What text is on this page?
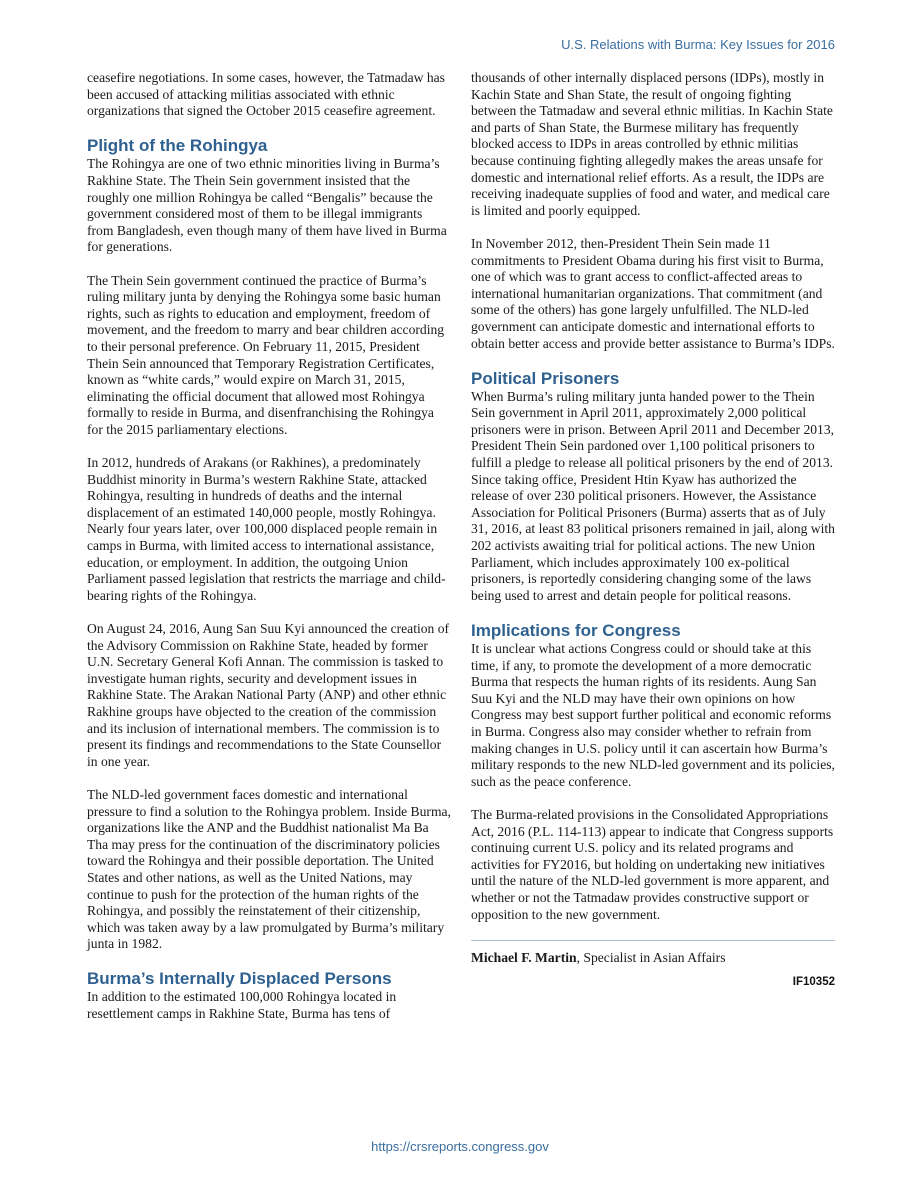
U.S. Relations with Burma: Key Issues for 2016

ceasefire negotiations. In some cases, however, the Tatmadaw has been accused of attacking militias associated with ethnic organizations that signed the October 2015 ceasefire agreement.

Plight of the Rohingya

The Rohingya are one of two ethnic minorities living in Burma’s Rakhine State. The Thein Sein government insisted that the roughly one million Rohingya be called “Bengalis” because the government considered most of them to be illegal immigrants from Bangladesh, even though many of them have lived in Burma for generations.

The Thein Sein government continued the practice of Burma’s ruling military junta by denying the Rohingya some basic human rights, such as rights to education and employment, freedom of movement, and the freedom to marry and bear children according to their personal preference. On February 11, 2015, President Thein Sein announced that Temporary Registration Certificates, known as “white cards,” would expire on March 31, 2015, eliminating the official document that allowed most Rohingya formally to reside in Burma, and disenfranchising the Rohingya for the 2015 parliamentary elections.

In 2012, hundreds of Arakans (or Rakhines), a predominately Buddhist minority in Burma’s western Rakhine State, attacked Rohingya, resulting in hundreds of deaths and the internal displacement of an estimated 140,000 people, mostly Rohingya. Nearly four years later, over 100,000 displaced people remain in camps in Burma, with limited access to international assistance, education, or employment. In addition, the outgoing Union Parliament passed legislation that restricts the marriage and child-bearing rights of the Rohingya.

On August 24, 2016, Aung San Suu Kyi announced the creation of the Advisory Commission on Rakhine State, headed by former U.N. Secretary General Kofi Annan. The commission is tasked to investigate human rights, security and development issues in Rakhine State. The Arakan National Party (ANP) and other ethnic Rakhine groups have objected to the creation of the commission and its inclusion of international members. The commission is to present its findings and recommendations to the State Counsellor in one year.

The NLD-led government faces domestic and international pressure to find a solution to the Rohingya problem. Inside Burma, organizations like the ANP and the Buddhist nationalist Ma Ba Tha may press for the continuation of the discriminatory policies toward the Rohingya and their possible deportation. The United States and other nations, as well as the United Nations, may continue to push for the protection of the human rights of the Rohingya, and possibly the reinstatement of their citizenship, which was taken away by a law promulgated by Burma’s military junta in 1982.

Burma’s Internally Displaced Persons

In addition to the estimated 100,000 Rohingya located in resettlement camps in Rakhine State, Burma has tens of

thousands of other internally displaced persons (IDPs), mostly in Kachin State and Shan State, the result of ongoing fighting between the Tatmadaw and several ethnic militias. In Kachin State and parts of Shan State, the Burmese military has frequently blocked access to IDPs in areas controlled by ethnic militias because continuing fighting allegedly makes the areas unsafe for domestic and international relief efforts. As a result, the IDPs are receiving inadequate supplies of food and water, and medical care is limited and poorly equipped.

In November 2012, then-President Thein Sein made 11 commitments to President Obama during his first visit to Burma, one of which was to grant access to conflict-affected areas to international humanitarian organizations. That commitment (and some of the others) has gone largely unfulfilled. The NLD-led government can anticipate domestic and international efforts to obtain better access and provide better assistance to Burma’s IDPs.

Political Prisoners

When Burma’s ruling military junta handed power to the Thein Sein government in April 2011, approximately 2,000 political prisoners were in prison. Between April 2011 and December 2013, President Thein Sein pardoned over 1,100 political prisoners to fulfill a pledge to release all political prisoners by the end of 2013. Since taking office, President Htin Kyaw has authorized the release of over 230 political prisoners. However, the Assistance Association for Political Prisoners (Burma) asserts that as of July 31, 2016, at least 83 political prisoners remained in jail, along with 202 activists awaiting trial for political actions. The new Union Parliament, which includes approximately 100 ex-political prisoners, is reportedly considering changing some of the laws being used to arrest and detain people for political reasons.

Implications for Congress

It is unclear what actions Congress could or should take at this time, if any, to promote the development of a more democratic Burma that respects the human rights of its residents. Aung San Suu Kyi and the NLD may have their own opinions on how Congress may best support further political and economic reforms in Burma. Congress also may consider whether to refrain from making changes in U.S. policy until it can ascertain how Burma’s military responds to the new NLD-led government and its policies, such as the peace conference.

The Burma-related provisions in the Consolidated Appropriations Act, 2016 (P.L. 114-113) appear to indicate that Congress supports continuing current U.S. policy and its related programs and activities for FY2016, but holding on undertaking new initiatives until the nature of the NLD-led government is more apparent, and whether or not the Tatmadaw provides constructive support or opposition to the new government.

Michael F. Martin, Specialist in Asian Affairs
IF10352
https://crsreports.congress.gov
